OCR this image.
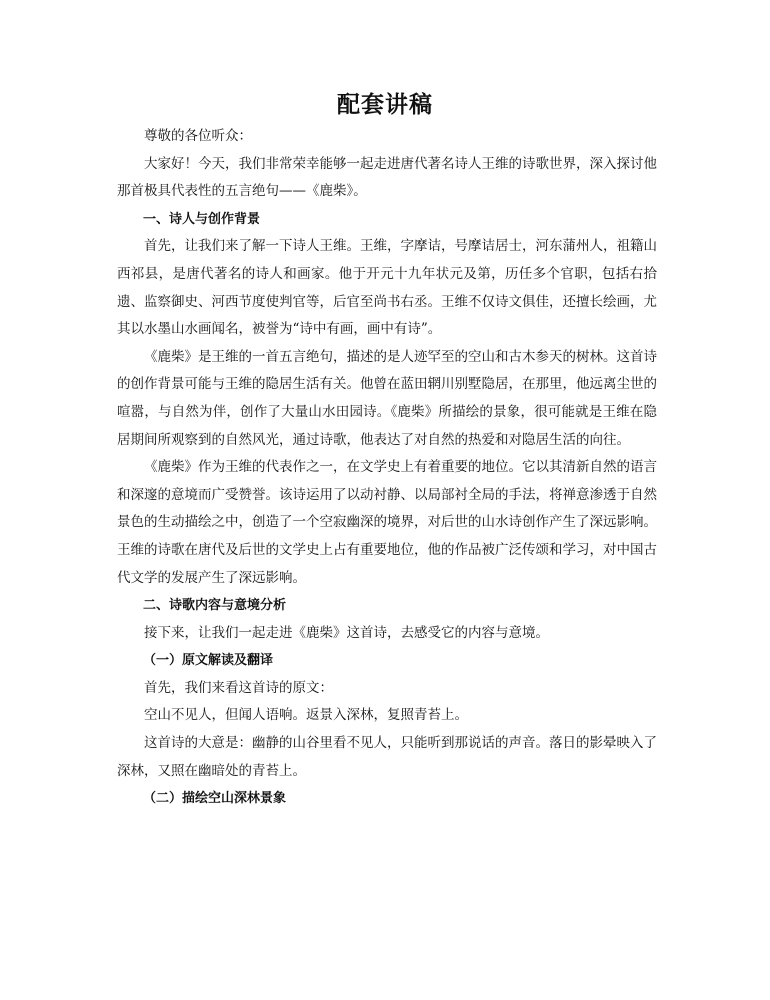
配套讲稿

尊敬的各位听众：

大家好！今天，我们非常荣幸能够一起走进唐代著名诗人王维的诗歌世界，深入探讨他那首极具代表性的五言绝句——《鹿柴》。

一、诗人与创作背景

首先，让我们来了解一下诗人王维。王维，字摩诘，号摩诘居士，河东蒲州人，祖籍山西祁县，是唐代著名的诗人和画家。他于开元十九年状元及第，历任多个官职，包括右拾遗、监察御史、河西节度使判官等，后官至尚书右丞。王维不仅诗文俱佳，还擅长绘画，尤其以水墨山水画闻名，被誉为“诗中有画，画中有诗”。

《鹿柴》是王维的一首五言绝句，描述的是人迹罕至的空山和古木参天的树林。这首诗的创作背景可能与王维的隐居生活有关。他曾在蓝田辋川别墅隐居，在那里，他远离尘世的喧嚣，与自然为伴，创作了大量山水田园诗。《鹿柴》所描绘的景象，很可能就是王维在隐居期间所观察到的自然风光，通过诗歌，他表达了对自然的热爱和对隐居生活的向往。

《鹿柴》作为王维的代表作之一，在文学史上有着重要的地位。它以其清新自然的语言和深邃的意境而广受赞誉。该诗运用了以动衬静、以局部衬全局的手法，将禅意渗透于自然景色的生动描绘之中，创造了一个空寂幽深的境界，对后世的山水诗创作产生了深远影响。王维的诗歌在唐代及后世的文学史上占有重要地位，他的作品被广泛传颂和学习，对中国古代文学的发展产生了深远影响。

二、诗歌内容与意境分析

接下来，让我们一起走进《鹿柴》这首诗，去感受它的内容与意境。

（一）原文解读及翻译

首先，我们来看这首诗的原文：

空山不见人，但闻人语响。返景入深林，复照青苔上。

这首诗的大意是：幽静的山谷里看不见人，只能听到那说话的声音。落日的影晕映入了深林，又照在幽暗处的青苔上。

（二）描绘空山深林景象
